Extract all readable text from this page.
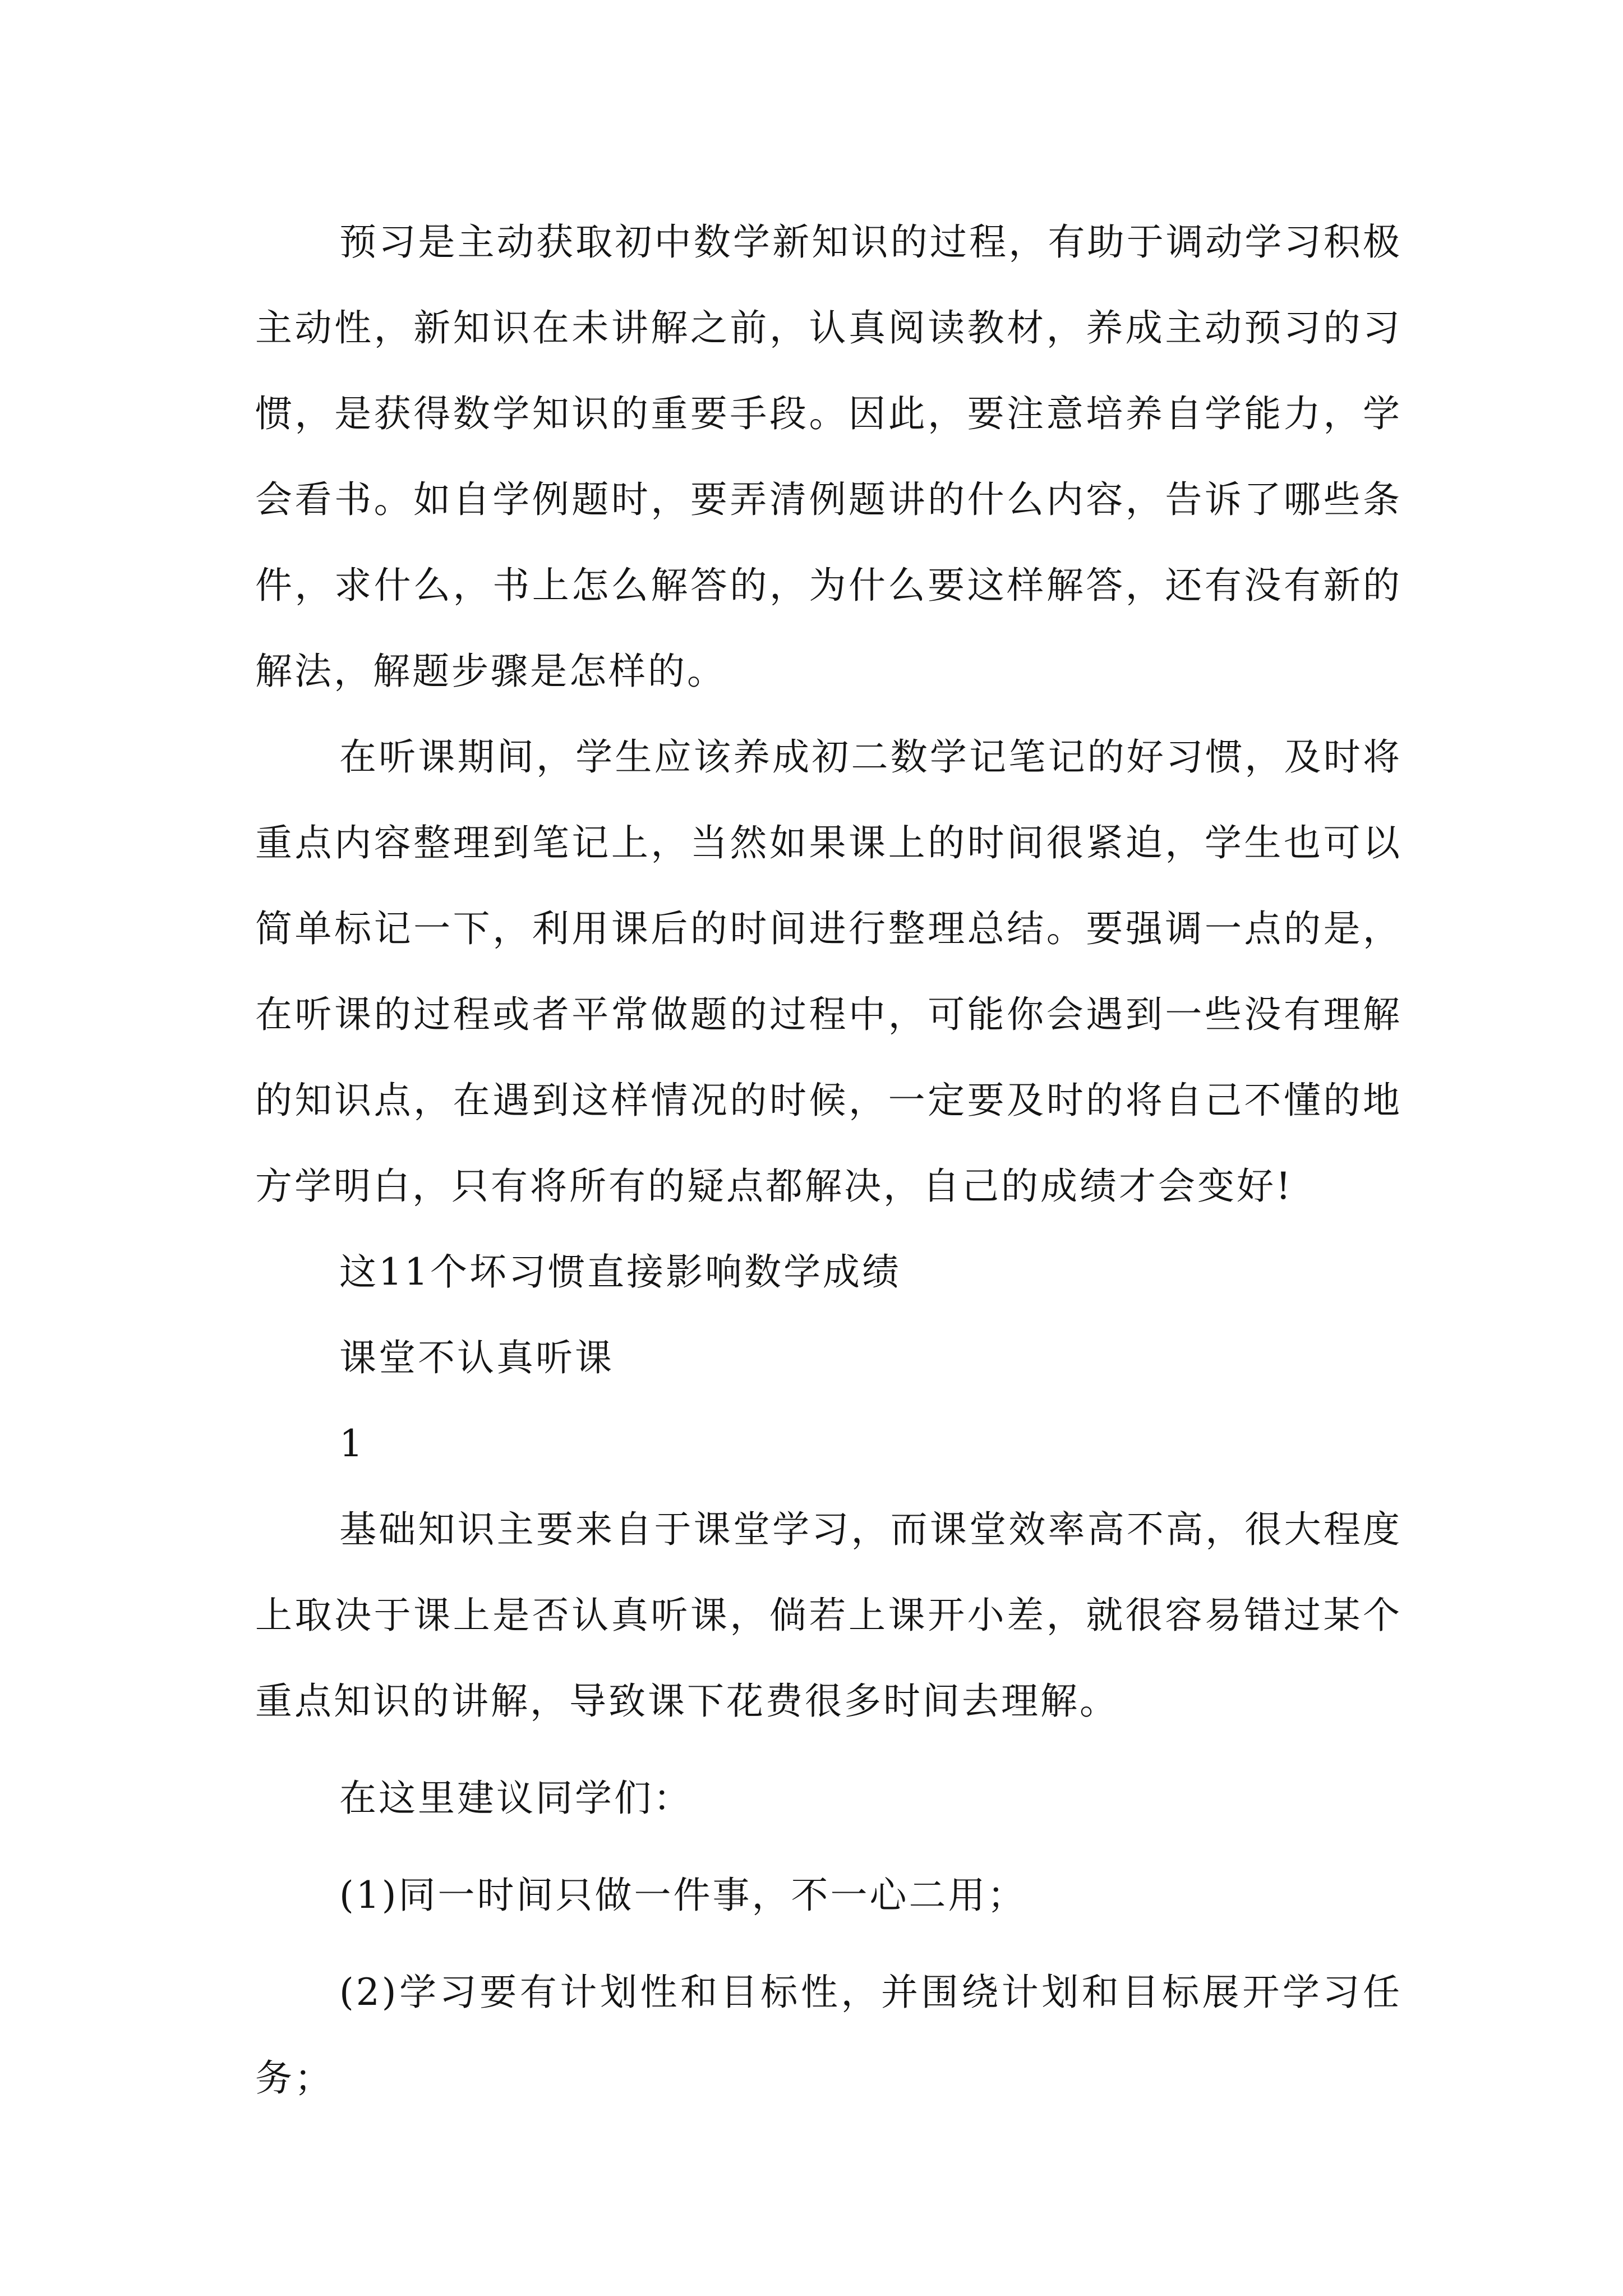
预习是主动获取初中数学新知识的过程，有助于调动学习积极主动性，新知识在未讲解之前，认真阅读教材，养成主动预习的习惯，是获得数学知识的重要手段。因此，要注意培养自学能力，学会看书。如自学例题时，要弄清例题讲的什么内容，告诉了哪些条件，求什么，书上怎么解答的，为什么要这样解答，还有没有新的解法，解题步骤是怎样的。

在听课期间，学生应该养成初二数学记笔记的好习惯，及时将重点内容整理到笔记上，当然如果课上的时间很紧迫，学生也可以简单标记一下，利用课后的时间进行整理总结。要强调一点的是，在听课的过程或者平常做题的过程中，可能你会遇到一些没有理解的知识点，在遇到这样情况的时候，一定要及时的将自己不懂的地方学明白，只有将所有的疑点都解决，自己的成绩才会变好!

这11个坏习惯直接影响数学成绩

课堂不认真听课

1

基础知识主要来自于课堂学习，而课堂效率高不高，很大程度上取决于课上是否认真听课，倘若上课开小差，就很容易错过某个重点知识的讲解，导致课下花费很多时间去理解。

在这里建议同学们：

(1)同一时间只做一件事，不一心二用；

(2)学习要有计划性和目标性，并围绕计划和目标展开学习任务；
